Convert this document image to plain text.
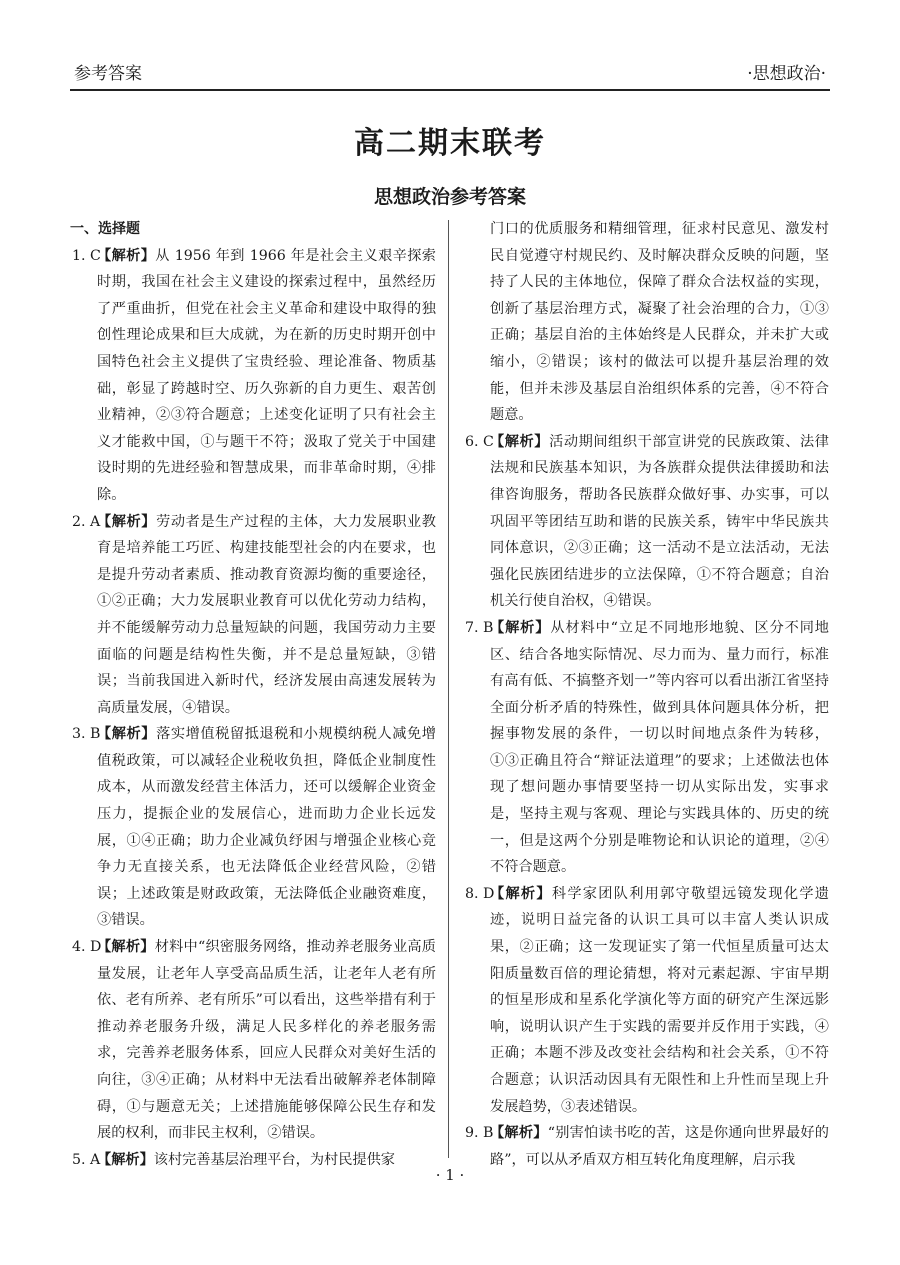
参考答案	·思想政治·
高二期末联考
思想政治参考答案
一、选择题
1. C
【解析】从 1956 年到 1966 年是社会主义艰辛探索时期，我国在社会主义建设的探索过程中，虽然经历了严重曲折，但党在社会主义革命和建设中取得的独创性理论成果和巨大成就，为在新的历史时期开创中国特色社会主义提供了宝贵经验、理论准备、物质基础，彰显了跨越时空、历久弥新的自力更生、艰苦创业精神，②③符合题意；上述变化证明了只有社会主义才能救中国，①与题干不符；汲取了党关于中国建设时期的先进经验和智慧成果，而非革命时期，④排除。
2. A
【解析】劳动者是生产过程的主体，大力发展职业教育是培养能工巧匠、构建技能型社会的内在要求，也是提升劳动者素质、推动教育资源均衡的重要途径，①②正确；大力发展职业教育可以优化劳动力结构，并不能缓解劳动力总量短缺的问题，我国劳动力主要面临的问题是结构性失衡，并不是总量短缺，③错误；当前我国进入新时代，经济发展由高速发展转为高质量发展，④错误。
3. B
【解析】落实增值税留抵退税和小规模纳税人减免增值税政策，可以减轻企业税收负担，降低企业制度性成本，从而激发经营主体活力，还可以缓解企业资金压力，提振企业的发展信心，进而助力企业长远发展，①④正确；助力企业减负纾困与增强企业核心竞争力无直接关系，也无法降低企业经营风险，②错误；上述政策是财政政策，无法降低企业融资难度，③错误。
4. D
【解析】材料中“织密服务网络，推动养老服务业高质量发展，让老年人享受高品质生活，让老年人老有所依、老有所养、老有所乐”可以看出，这些举措有利于推动养老服务升级，满足人民多样化的养老服务需求，完善养老服务体系，回应人民群众对美好生活的向往，③④正确；从材料中无法看出破解养老体制障碍，①与题意无关；上述措施能够保障公民生存和发展的权利，而非民主权利，②错误。
5. A
【解析】该村完善基层治理平台，为村民提供家
门口的优质服务和精细管理，征求村民意见、激发村民自觉遵守村规民约、及时解决群众反映的问题，坚持了人民的主体地位，保障了群众合法权益的实现，创新了基层治理方式，凝聚了社会治理的合力，①③正确；基层自治的主体始终是人民群众，并未扩大或缩小，②错误；该村的做法可以提升基层治理的效能，但并未涉及基层自治组织体系的完善，④不符合题意。
6. C
【解析】活动期间组织干部宣讲党的民族政策、法律法规和民族基本知识，为各族群众提供法律援助和法律咨询服务，帮助各民族群众做好事、办实事，可以巩固平等团结互助和谐的民族关系，铸牢中华民族共同体意识，②③正确；这一活动不是立法活动，无法强化民族团结进步的立法保障，①不符合题意；自治机关行使自治权，④错误。
7. B
【解析】从材料中“立足不同地形地貌、区分不同地区、结合各地实际情况、尽力而为、量力而行，标准有高有低、不搞整齐划一”等内容可以看出浙江省坚持全面分析矛盾的特殊性，做到具体问题具体分析，把握事物发展的条件，一切以时间地点条件为转移，①③正确且符合“辩证法道理”的要求；上述做法也体现了想问题办事情要坚持一切从实际出发，实事求是，坚持主观与客观、理论与实践具体的、历史的统一，但是这两个分别是唯物论和认识论的道理，②④不符合题意。
8. D
【解析】科学家团队利用郭守敬望远镜发现化学遗迹，说明日益完备的认识工具可以丰富人类认识成果，②正确；这一发现证实了第一代恒星质量可达太阳质量数百倍的理论猜想，将对元素起源、宇宙早期的恒星形成和星系化学演化等方面的研究产生深远影响，说明认识产生于实践的需要并反作用于实践，④正确；本题不涉及改变社会结构和社会关系，①不符合题意；认识活动因具有无限性和上升性而呈现上升发展趋势，③表述错误。
9. B
【解析】“别害怕读书吃的苦，这是你通向世界最好的路”，可以从矛盾双方相互转化角度理解，启示我
· 1 ·
